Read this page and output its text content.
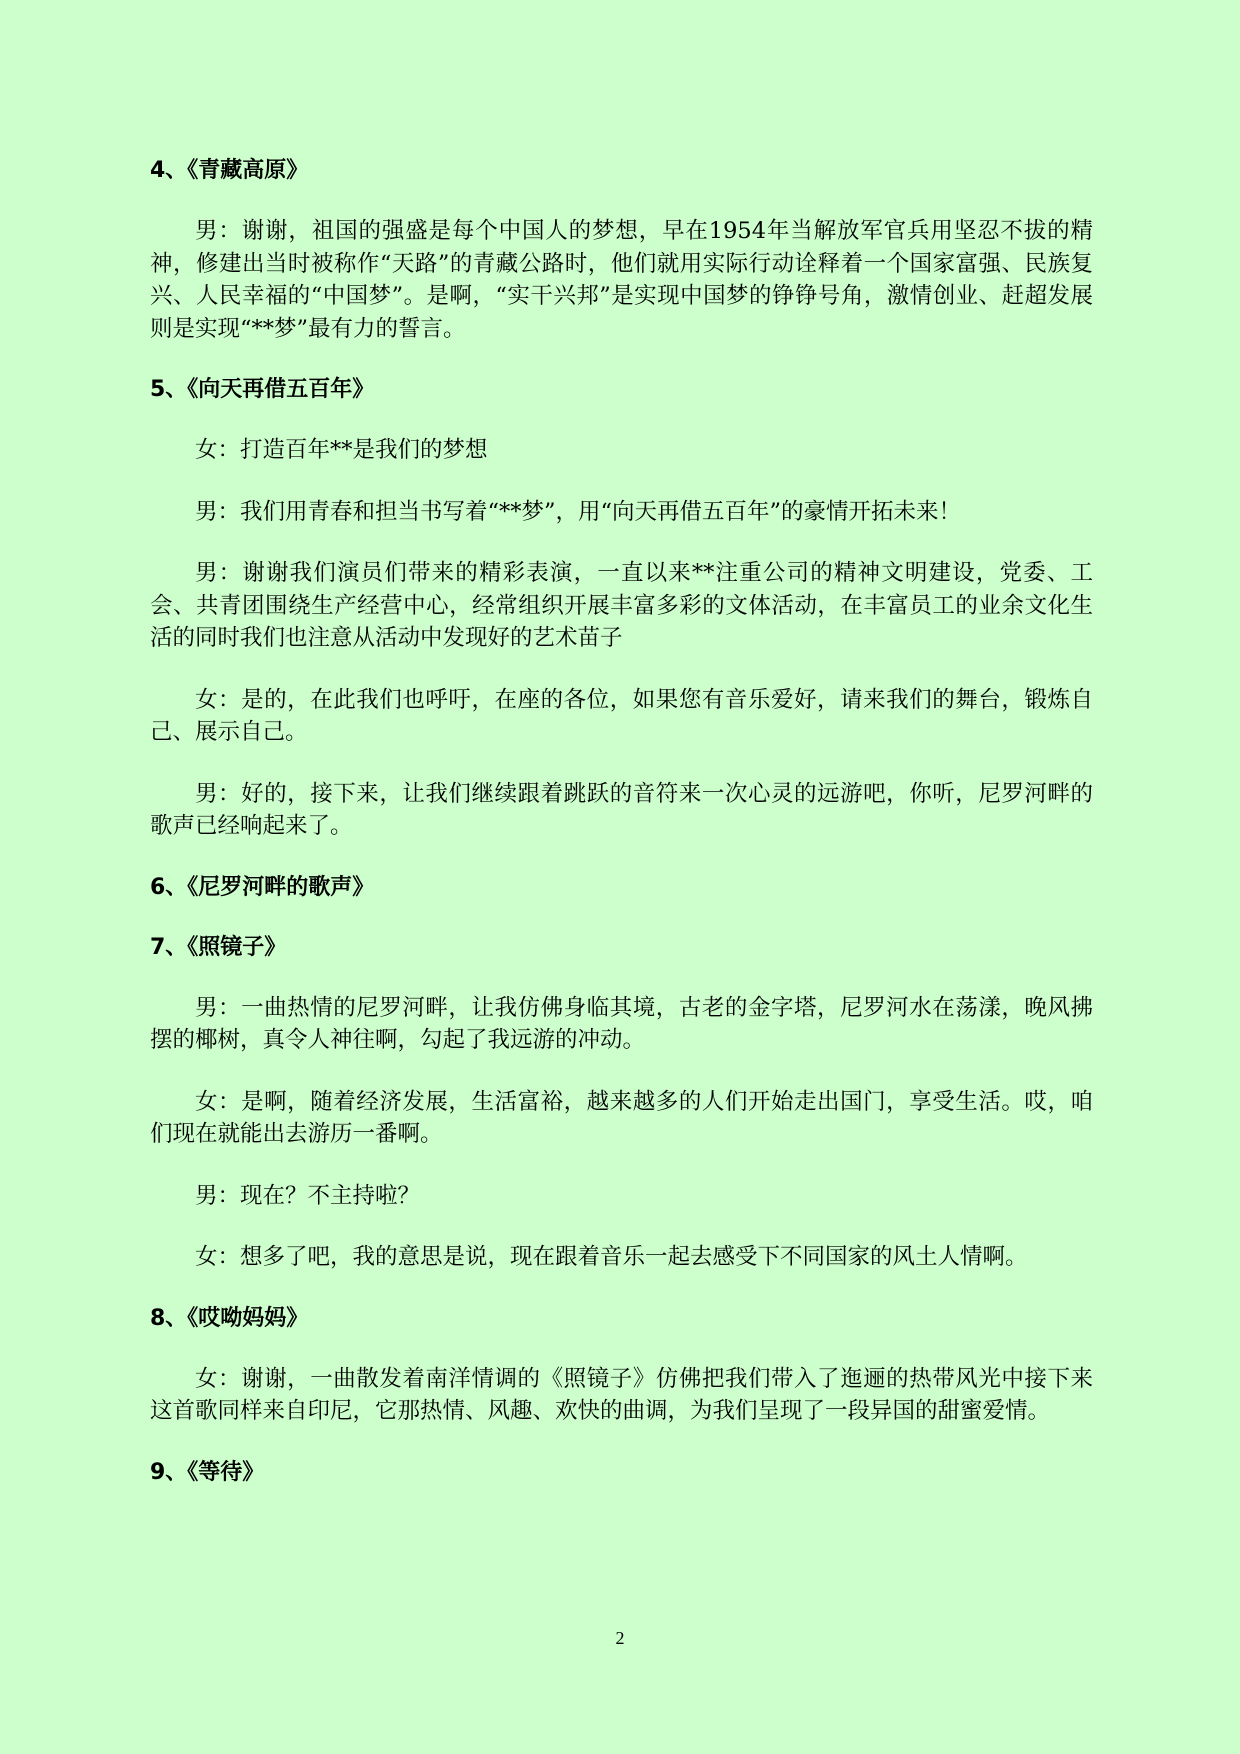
4、《青藏高原》

男：谢谢，祖国的强盛是每个中国人的梦想，早在1954年当解放军官兵用坚忍不拔的精神，修建出当时被称作“天路”的青藏公路时，他们就用实际行动诠释着一个国家富强、民族复兴、人民幸福的“中国梦”。是啊，“实干兴邦”是实现中国梦的铮铮号角，激情创业、赶超发展则是实现“**梦”最有力的誓言。

5、《向天再借五百年》

女：打造百年**是我们的梦想

男：我们用青春和担当书写着“**梦”，用“向天再借五百年”的豪情开拓未来！

男：谢谢我们演员们带来的精彩表演，一直以来**注重公司的精神文明建设，党委、工会、共青团围绕生产经营中心，经常组织开展丰富多彩的文体活动，在丰富员工的业余文化生活的同时我们也注意从活动中发现好的艺术苗子

女：是的，在此我们也呼吁，在座的各位，如果您有音乐爱好，请来我们的舞台，锻炼自己、展示自己。

男：好的，接下来，让我们继续跟着跳跃的音符来一次心灵的远游吧，你听，尼罗河畔的歌声已经响起来了。

6、《尼罗河畔的歌声》
7、《照镜子》

男：一曲热情的尼罗河畔，让我仿佛身临其境，古老的金字塔，尼罗河水在荡漾，晚风拂摆的椰树，真令人神往啊，勾起了我远游的冲动。

女：是啊，随着经济发展，生活富裕，越来越多的人们开始走出国门，享受生活。哎，咱们现在就能出去游历一番啊。

男：现在？不主持啦？

女：想多了吧，我的意思是说，现在跟着音乐一起去感受下不同国家的风土人情啊。

8、《哎呦妈妈》

女：谢谢，一曲散发着南洋情调的《照镜子》仿佛把我们带入了迤逦的热带风光中接下来这首歌同样来自印尼，它那热情、风趣、欢快的曲调，为我们呈现了一段异国的甜蜜爱情。

9、《等待》
2
